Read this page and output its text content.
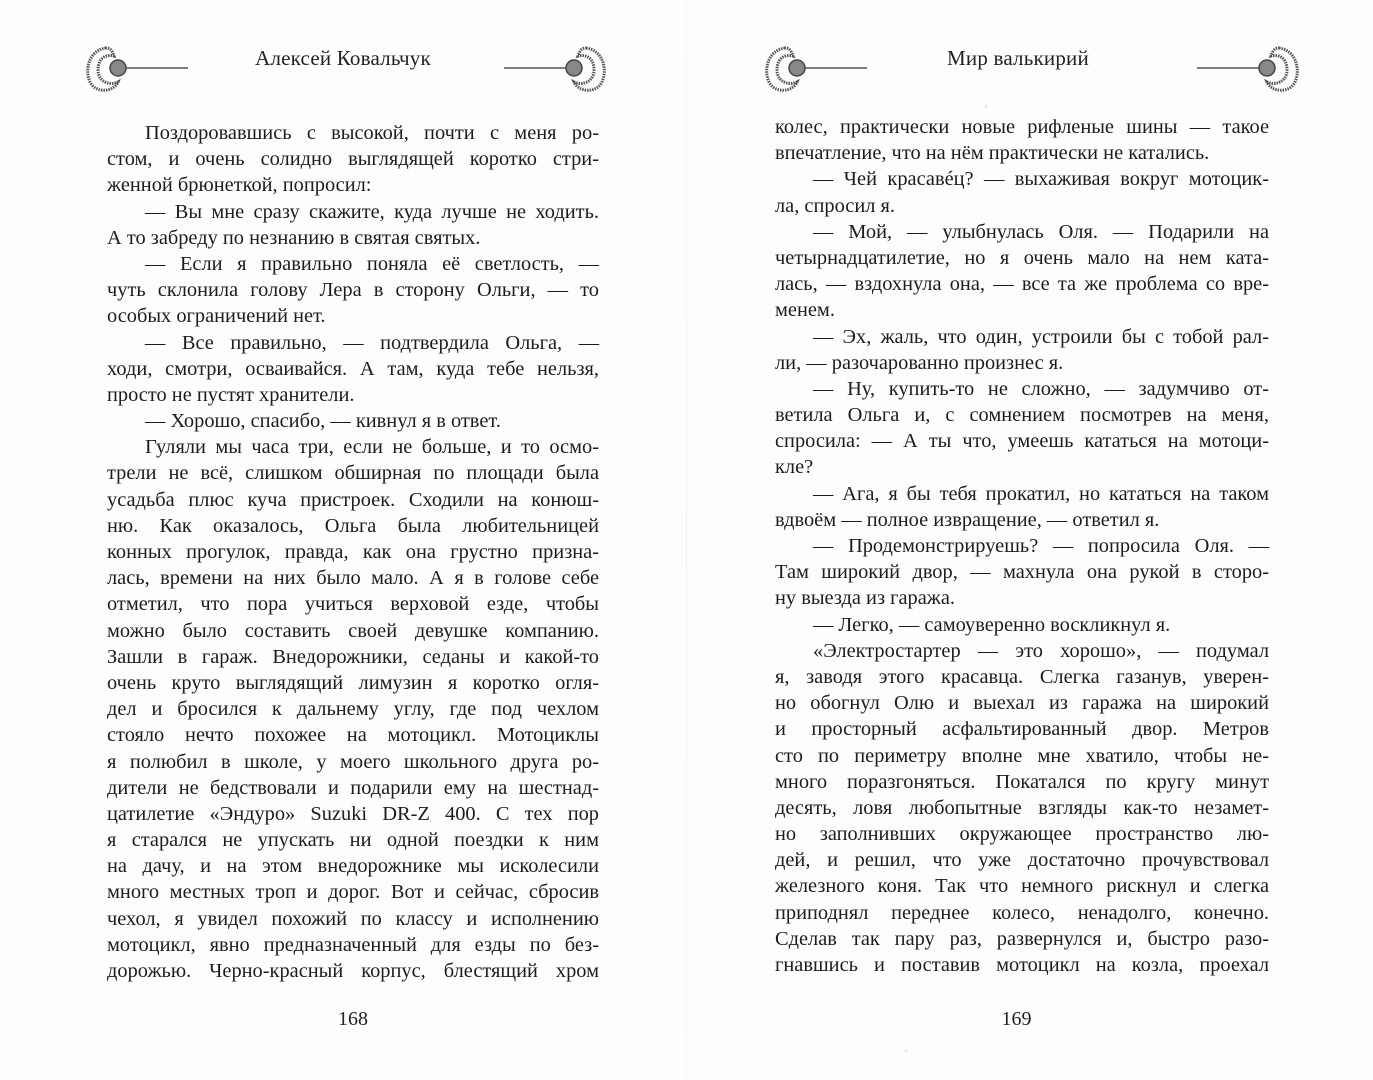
Алексей Ковальчук
Поздоровавшись с высокой, почти с меня ро-
стом, и очень солидно выглядящей коротко стри-
женной брюнеткой, попросил:
— Вы мне сразу скажите, куда лучше не ходить.
А то забреду по незнанию в святая святых.
— Если я правильно поняла её светлость, —
чуть склонила голову Лера в сторону Ольги, — то
особых ограничений нет.
— Все правильно, — подтвердила Ольга, —
ходи, смотри, осваивайся. А там, куда тебе нельзя,
просто не пустят хранители.
— Хорошо, спасибо, — кивнул я в ответ.
Гуляли мы часа три, если не больше, и то осмо-
трели не всё, слишком обширная по площади была
усадьба плюс куча пристроек. Сходили на конюш-
ню. Как оказалось, Ольга была любительницей
конных прогулок, правда, как она грустно призна-
лась, времени на них было мало. А я в голове себе
отметил, что пора учиться верховой езде, чтобы
можно было составить своей девушке компанию.
Зашли в гараж. Внедорожники, седаны и какой-то
очень круто выглядящий лимузин я коротко огля-
дел и бросился к дальнему углу, где под чехлом
стояло нечто похожее на мотоцикл. Мотоциклы
я полюбил в школе, у моего школьного друга ро-
дители не бедствовали и подарили ему на шестнад-
цатилетие «Эндуро» Suzuki DR-Z 400. С тех пор
я старался не упускать ни одной поездки к ним
на дачу, и на этом внедорожнике мы исколесили
много местных троп и дорог. Вот и сейчас, сбросив
чехол, я увидел похожий по классу и исполнению
мотоцикл, явно предназначенный для езды по без-
дорожью. Черно-красный корпус, блестящий хром
168
Мир валькирий
колес, практически новые рифленые шины — такое
впечатление, что на нём практически не катались.
— Чей красавéц? — выхаживая вокруг мотоцик-
ла, спросил я.
— Мой, — улыбнулась Оля. — Подарили на
четырнадцатилетие, но я очень мало на нем ката-
лась, — вздохнула она, — все та же проблема со вре-
менем.
— Эх, жаль, что один, устроили бы с тобой рал-
ли, — разочарованно произнес я.
— Ну, купить-то не сложно, — задумчиво от-
ветила Ольга и, с сомнением посмотрев на меня,
спросила: — А ты что, умеешь кататься на мотоци-
кле?
— Ага, я бы тебя прокатил, но кататься на таком
вдвоём — полное извращение, — ответил я.
— Продемонстрируешь? — попросила Оля. —
Там широкий двор, — махнула она рукой в сторо-
ну выезда из гаража.
— Легко, — самоуверенно воскликнул я.
«Электростартер — это хорошо», — подумал
я, заводя этого красавца. Слегка газанув, уверен-
но обогнул Олю и выехал из гаража на широкий
и просторный асфальтированный двор. Метров
сто по периметру вполне мне хватило, чтобы не-
много поразгоняться. Покатался по кругу минут
десять, ловя любопытные взгляды как-то незамет-
но заполнивших окружающее пространство лю-
дей, и решил, что уже достаточно прочувствовал
железного коня. Так что немного рискнул и слегка
приподнял переднее колесо, ненадолго, конечно.
Сделав так пару раз, развернулся и, быстро разо-
гнавшись и поставив мотоцикл на козла, проехал
169
